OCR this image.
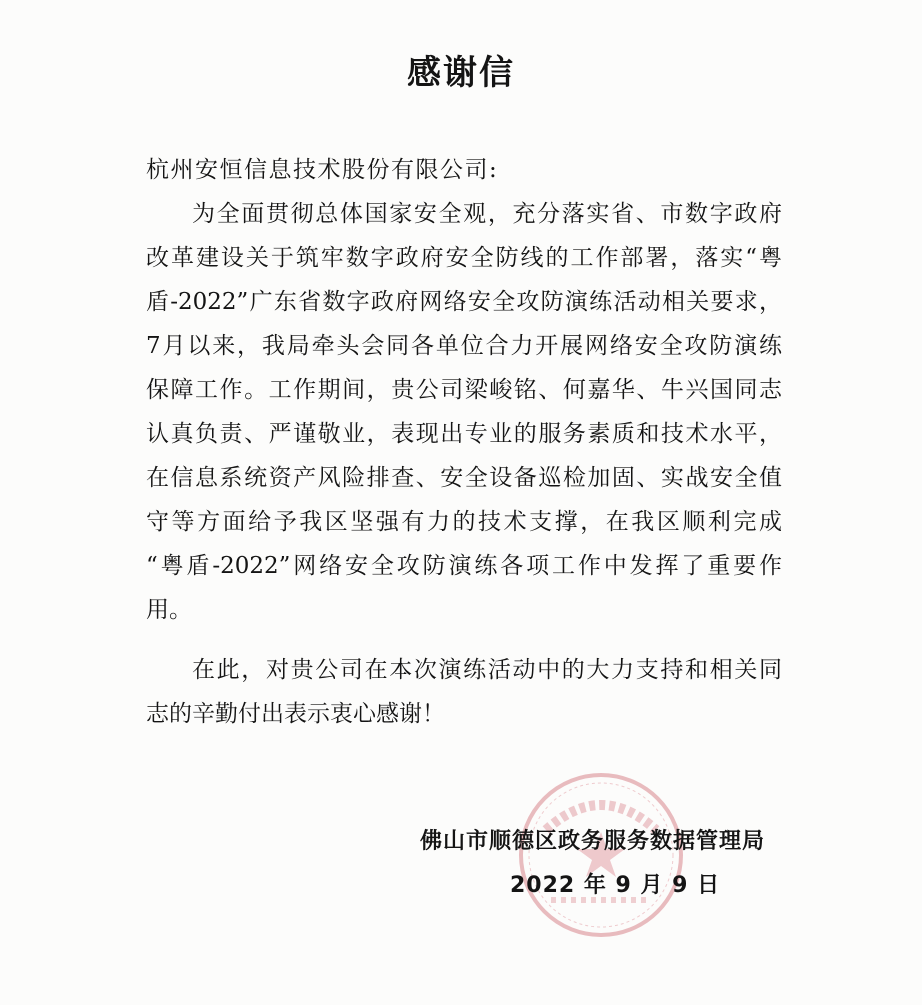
感谢信
杭州安恒信息技术股份有限公司:
为全面贯彻总体国家安全观，充分落实省、市数字政府
改革建设关于筑牢数字政府安全防线的工作部署，落实“粤
盾-2022”广东省数字政府网络安全攻防演练活动相关要求，
7月以来，我局牵头会同各单位合力开展网络安全攻防演练
保障工作。工作期间，贵公司梁峻铭、何嘉华、牛兴国同志
认真负责、严谨敬业，表现出专业的服务素质和技术水平，
在信息系统资产风险排查、安全设备巡检加固、实战安全值
守等方面给予我区坚强有力的技术支撑，在我区顺利完成
“粤盾-2022”网络安全攻防演练各项工作中发挥了重要作
用。
在此，对贵公司在本次演练活动中的大力支持和相关同
志的辛勤付出表示衷心感谢！
佛山市顺德区政务服务数据管理局
2022 年 9 月 9 日
